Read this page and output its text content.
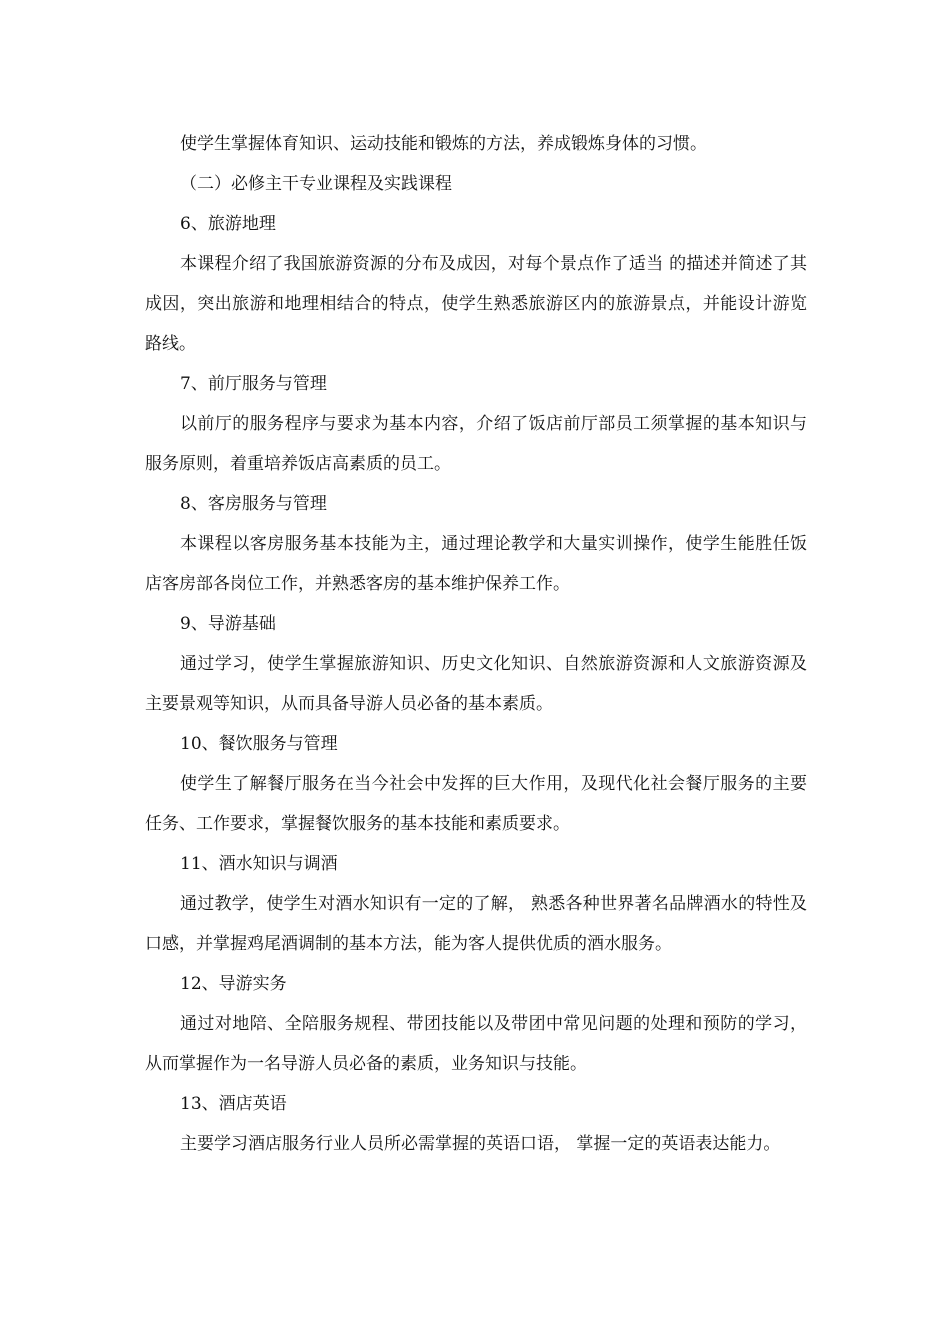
使学生掌握体育知识、运动技能和锻炼的方法，养成锻炼身体的习惯。

（二）必修主干专业课程及实践课程

6、旅游地理

本课程介绍了我国旅游资源的分布及成因，对每个景点作了适当 的描述并简述了其成因，突出旅游和地理相结合的特点，使学生熟悉旅游区内的旅游景点，并能设计游览路线。

7、前厅服务与管理

以前厅的服务程序与要求为基本内容，介绍了饭店前厅部员工须掌握的基本知识与服务原则，着重培养饭店高素质的员工。

8、客房服务与管理

本课程以客房服务基本技能为主，通过理论教学和大量实训操作，使学生能胜任饭店客房部各岗位工作，并熟悉客房的基本维护保养工作。

9、导游基础

通过学习，使学生掌握旅游知识、历史文化知识、自然旅游资源和人文旅游资源及主要景观等知识，从而具备导游人员必备的基本素质。

10、餐饮服务与管理

使学生了解餐厅服务在当今社会中发挥的巨大作用，及现代化社会餐厅服务的主要任务、工作要求，掌握餐饮服务的基本技能和素质要求。

11、酒水知识与调酒

通过教学，使学生对酒水知识有一定的了解， 熟悉各种世界著名品牌酒水的特性及口感，并掌握鸡尾酒调制的基本方法，能为客人提供优质的酒水服务。

12、导游实务

通过对地陪、全陪服务规程、带团技能以及带团中常见问题的处理和预防的学习，从而掌握作为一名导游人员必备的素质，业务知识与技能。

13、酒店英语

主要学习酒店服务行业人员所必需掌握的英语口语， 掌握一定的英语表达能力。
